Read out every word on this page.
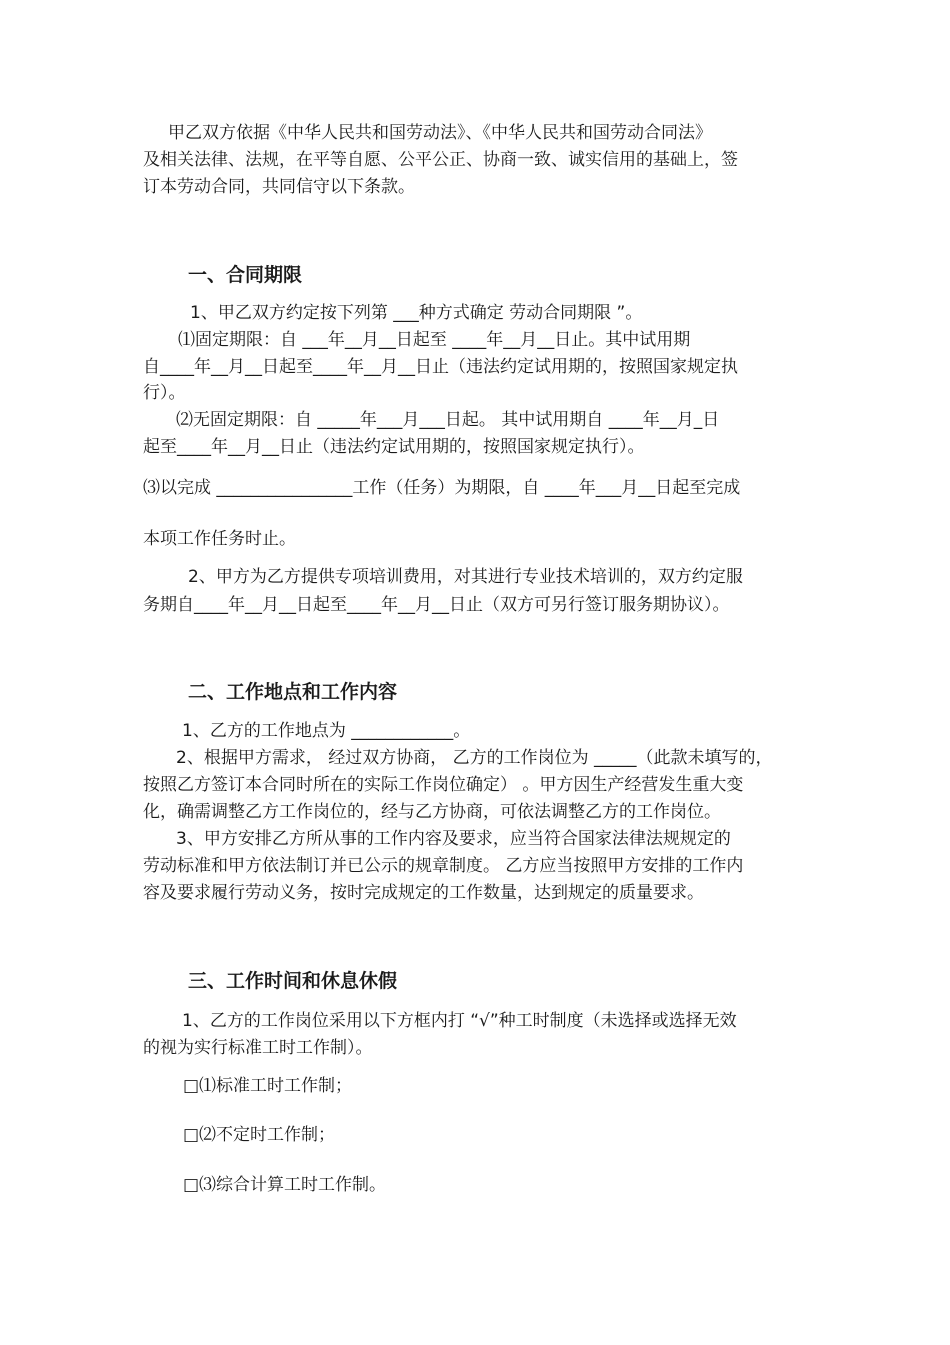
甲乙双方依据《中华人民共和国劳动法》、《中华人民共和国劳动合同法》

及相关法律、法规，在平等自愿、公平公正、协商一致、诚实信用的基础上，签

订本劳动合同，共同信守以下条款。

一、合同期限

1、甲乙双方约定按下列第 ___种方式确定 劳动合同期限 ”。

⑴固定期限：自 ___年__月__日起至 ____年__月__日止。其中试用期

自____年__月__日起至____年__月__日止（违法约定试用期的，按照国家规定执

行）。

⑵无固定期限：自 _____年___月___日起。 其中试用期自 ____年__月_日

起至____年__月__日止（违法约定试用期的，按照国家规定执行）。

⑶以完成 ________________工作（任务）为期限，自 ____年___月__日起至完成

本项工作任务时止。

2、甲方为乙方提供专项培训费用，对其进行专业技术培训的，双方约定服

务期自____年__月__日起至____年__月__日止（双方可另行签订服务期协议）。

二、工作地点和工作内容

1、乙方的工作地点为 ____________。

2、根据甲方需求， 经过双方协商， 乙方的工作岗位为 _____（此款未填写的，

按照乙方签订本合同时所在的实际工作岗位确定） 。甲方因生产经营发生重大变

化，确需调整乙方工作岗位的，经与乙方协商，可依法调整乙方的工作岗位。

3、甲方安排乙方所从事的工作内容及要求，应当符合国家法律法规规定的

劳动标准和甲方依法制订并已公示的规章制度。 乙方应当按照甲方安排的工作内

容及要求履行劳动义务，按时完成规定的工作数量，达到规定的质量要求。

三、工作时间和休息休假

1、乙方的工作岗位采用以下方框内打 “√”种工时制度（未选择或选择无效

的视为实行标准工时工作制）。

□⑴标准工时工作制；

□⑵不定时工作制；

□⑶综合计算工时工作制。
